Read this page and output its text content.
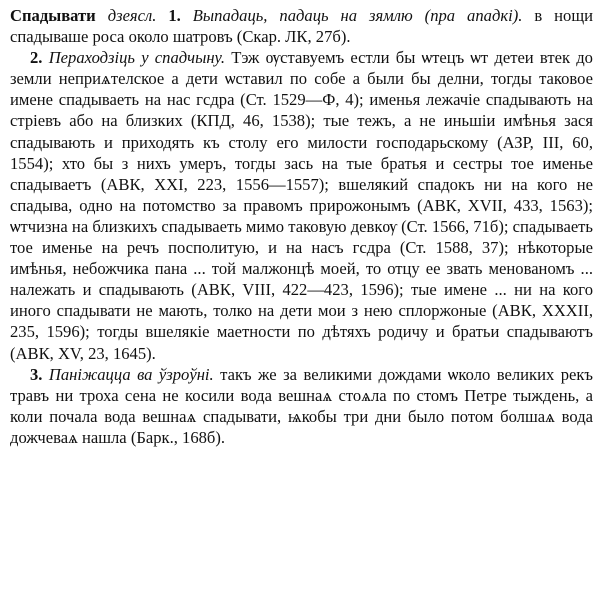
Спадывати дзеясл. 1. Выпадаць, падаць на зямлю (пра ападкі). в нощи спадываше роса около шатровъ (Скар. ЛК, 27б).

2. Пераходзіць у спадчыну. Тэж ѹставуемъ естли бы ѡтецъ ѡт детеи втек до земли неприѧтелское а дети ѡставил по собе а были бы делни, тогды таковое имене спадываеть на нас гсдра (Ст. 1529—Ф, 4); именья лежачіе спадывають на стріевъ або на близких (КПД, 46, 1538); тые тежъ, а не иньшіи имѣнья зася спадывають и приходять къ столу его милости господарьскому (АЗР, III, 60, 1554); хто бы з нихъ умеръ, тогды зась на тые братья и сестры тое именье спадываетъ (АВК, XXI, 223, 1556—1557); вшелякий спадокъ ни на кого не спадыва, одно на потомство за правомъ прирожонымъ (АВК, XVII, 433, 1563); ѡтчизна на близкихъ спадываеть мимо таковую девкѹ (Ст. 1566, 71б); спадываеть тое именье на речъ посполитую, и на насъ гсдра (Ст. 1588, 37); нѣкоторые имѣнья, небожчика пана ... той малжонцѣ моей, то отцу ее звать менованомъ ... належать и спадывають (АВК, VIII, 422—423, 1596); тые имене ... ни на кого иного спадывати не мають, толко на дети мои з нею сплоржоные (АВК, XXXII, 235, 1596); тогды вшелякіе маетности по дѣтяхъ родичу и братьи спадываютъ (АВК, XV, 23, 1645).

3. Паніжацца ва ўзроўні. такъ же за великими дождами ѡколо великих рекъ травъ ни троха сена не косили вода вешнаѧ стоѧла по стомъ Петре тыждень, а коли почала вода вешнаѧ спадывати, ѩкобы три дни было потом болшаѧ вода дожчеваѧ нашла (Барк., 168б).
